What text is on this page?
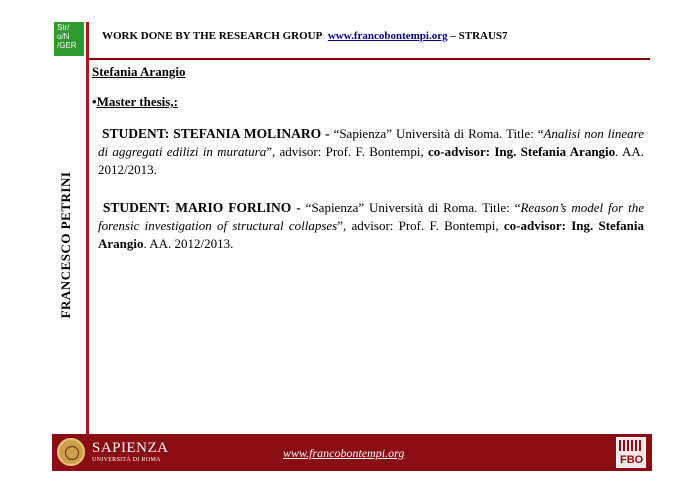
Str/
o/N
/GER
WORK DONE BY THE RESEARCH GROUP www.francobontempi.org – STRAUS7
FRANCESCO PETRINI
Stefania Arangio
•Master thesis,:
STUDENT: STEFANIA MOLINARO - “Sapienza” Università di Roma. Title: “Analisi non lineare di aggregati edilizi in muratura”, advisor: Prof. F. Bontempi, co-advisor: Ing. Stefania Arangio. AA. 2012/2013.
STUDENT: MARIO FORLINO - “Sapienza” Università di Roma. Title: “Reason’s model for the forensic investigation of structural collapses”, advisor: Prof. F. Bontempi, co-advisor: Ing. Stefania Arangio. AA. 2012/2013.
SAPIENZA
UNIVERSITÀ DI ROMA	www.francobontempi.org	FBO
